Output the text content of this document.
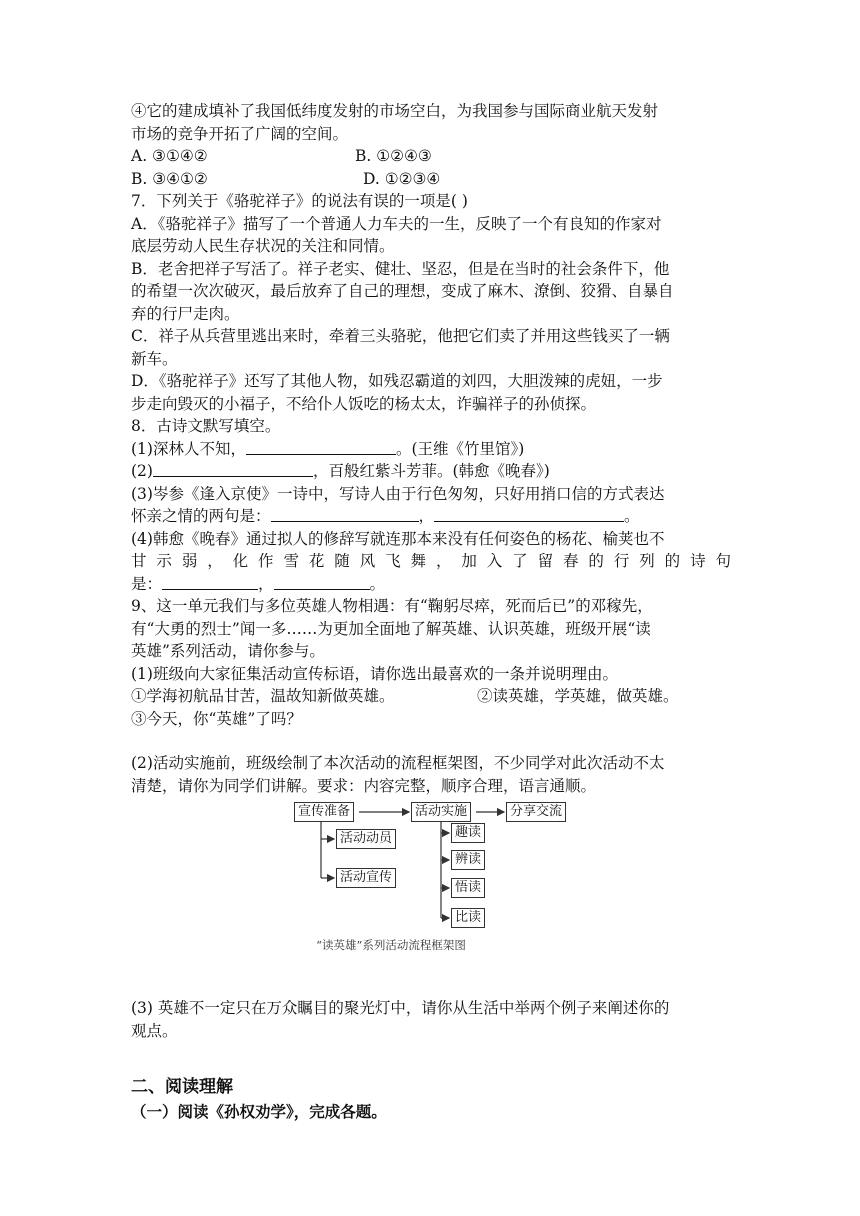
④它的建成填补了我国低纬度发射的市场空白，为我国参与国际商业航天发射

市场的竞争开拓了广阔的空间。

A. ③①④②	B. ①②④③
B. ③④①②	D. ①②③④

7．下列关于《骆驼祥子》的说法有误的一项是( )

A．《骆驼祥子》描写了一个普通人力车夫的一生，反映了一个有良知的作家对

底层劳动人民生存状况的关注和同情。

B．老舍把祥子写活了。祥子老实、健壮、坚忍，但是在当时的社会条件下，他

的希望一次次破灭，最后放弃了自己的理想，变成了麻木、潦倒、狡猾、自暴自

弃的行尸走肉。

C．祥子从兵营里逃出来时，牵着三头骆驼，他把它们卖了并用这些钱买了一辆

新车。

D．《骆驼祥子》还写了其他人物，如残忍霸道的刘四，大胆泼辣的虎妞，一步

步走向毁灭的小福子，不给仆人饭吃的杨太太，诈骗祥子的孙侦探。

8．古诗文默写填空。

(1)深林人不知，	。(王维《竹里馆》)
(2)	，百般红紫斗芳菲。(韩愈《晚春》)

(3)岑参《逢入京使》一诗中，写诗人由于行色匆匆，只好用捎口信的方式表达

怀亲之情的两句是：	，	。

(4)韩愈《晚春》通过拟人的修辞写就连那本来没有任何姿色的杨花、榆荚也不

甘示弱，化作雪花随风飞舞，加入了留春的行列的诗句

是：	，	。

9、这一单元我们与多位英雄人物相遇：有“鞠躬尽瘁，死而后已”的邓稼先，

有“大勇的烈士”闻一多……为更加全面地了解英雄、认识英雄，班级开展“读

英雄”系列活动，请你参与。

(1)班级向大家征集活动宣传标语，请你选出最喜欢的一条并说明理由。

①学海初航品甘苦，温故知新做英雄。	②读英雄，学英雄，做英雄。

③今天，你“英雄”了吗？

(2)活动实施前，班级绘制了本次活动的流程框架图，不少同学对此次活动不太

清楚，请你为同学们讲解。要求：内容完整，顺序合理，语言通顺。

宣传准备	活动实施	分享交流
活动动员
活动宣传
趣读
辨读
悟读
比读
“读英雄”系列活动流程框架图

(3) 英雄不一定只在万众瞩目的聚光灯中，请你从生活中举两个例子来阐述你的

观点。

二、阅读理解
（一）阅读《孙权劝学》，完成各题。
